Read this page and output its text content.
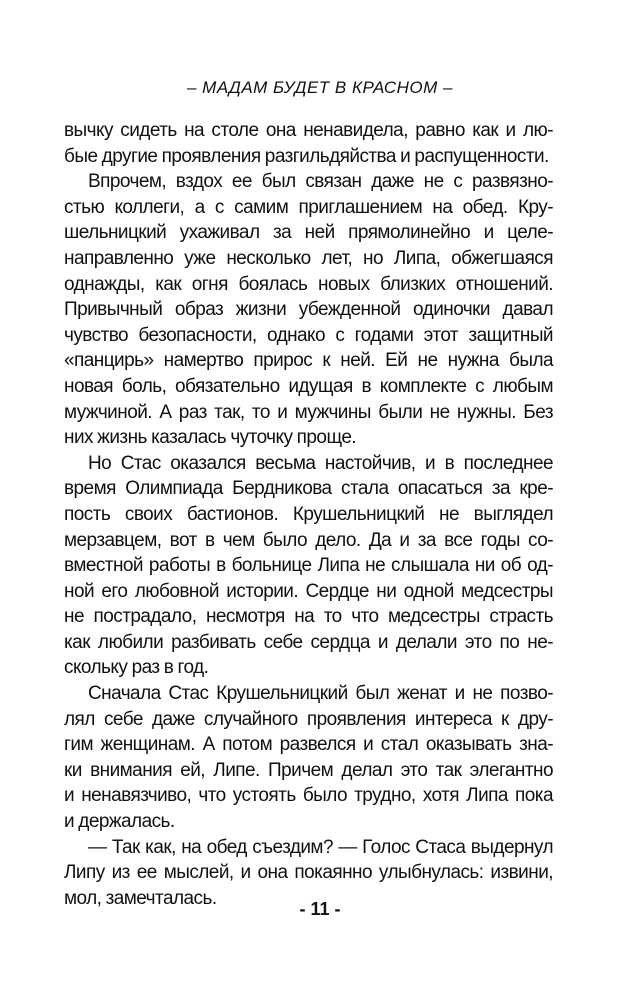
– МАДАМ БУДЕТ В КРАСНОМ –
вычку сидеть на столе она ненавидела, равно как и лю-
бые другие проявления разгильдяйства и распущенности.
Впрочем, вздох ее был связан даже не с развязно-
стью коллеги, а с самим приглашением на обед. Кру-
шельницкий ухаживал за ней прямолинейно и целе-
направленно уже несколько лет, но Липа, обжегшаяся
однажды, как огня боялась новых близких отношений.
Привычный образ жизни убежденной одиночки давал
чувство безопасности, однако с годами этот защитный
«панцирь» намертво прирос к ней. Ей не нужна была
новая боль, обязательно идущая в комплекте с любым
мужчиной. А раз так, то и мужчины были не нужны. Без
них жизнь казалась чуточку проще.
Но Стас оказался весьма настойчив, и в последнее
время Олимпиада Бердникова стала опасаться за кре-
пость своих бастионов. Крушельницкий не выглядел
мерзавцем, вот в чем было дело. Да и за все годы со-
вместной работы в больнице Липа не слышала ни об од-
ной его любовной истории. Сердце ни одной медсестры
не пострадало, несмотря на то что медсестры страсть
как любили разбивать себе сердца и делали это по не-
скольку раз в год.
Сначала Стас Крушельницкий был женат и не позво-
лял себе даже случайного проявления интереса к дру-
гим женщинам. А потом развелся и стал оказывать зна-
ки внимания ей, Липе. Причем делал это так элегантно
и ненавязчиво, что устоять было трудно, хотя Липа пока
и держалась.
— Так как, на обед съездим? — Голос Стаса выдернул
Липу из ее мыслей, и она покаянно улыбнулась: извини,
мол, замечталась.
- 11 -
